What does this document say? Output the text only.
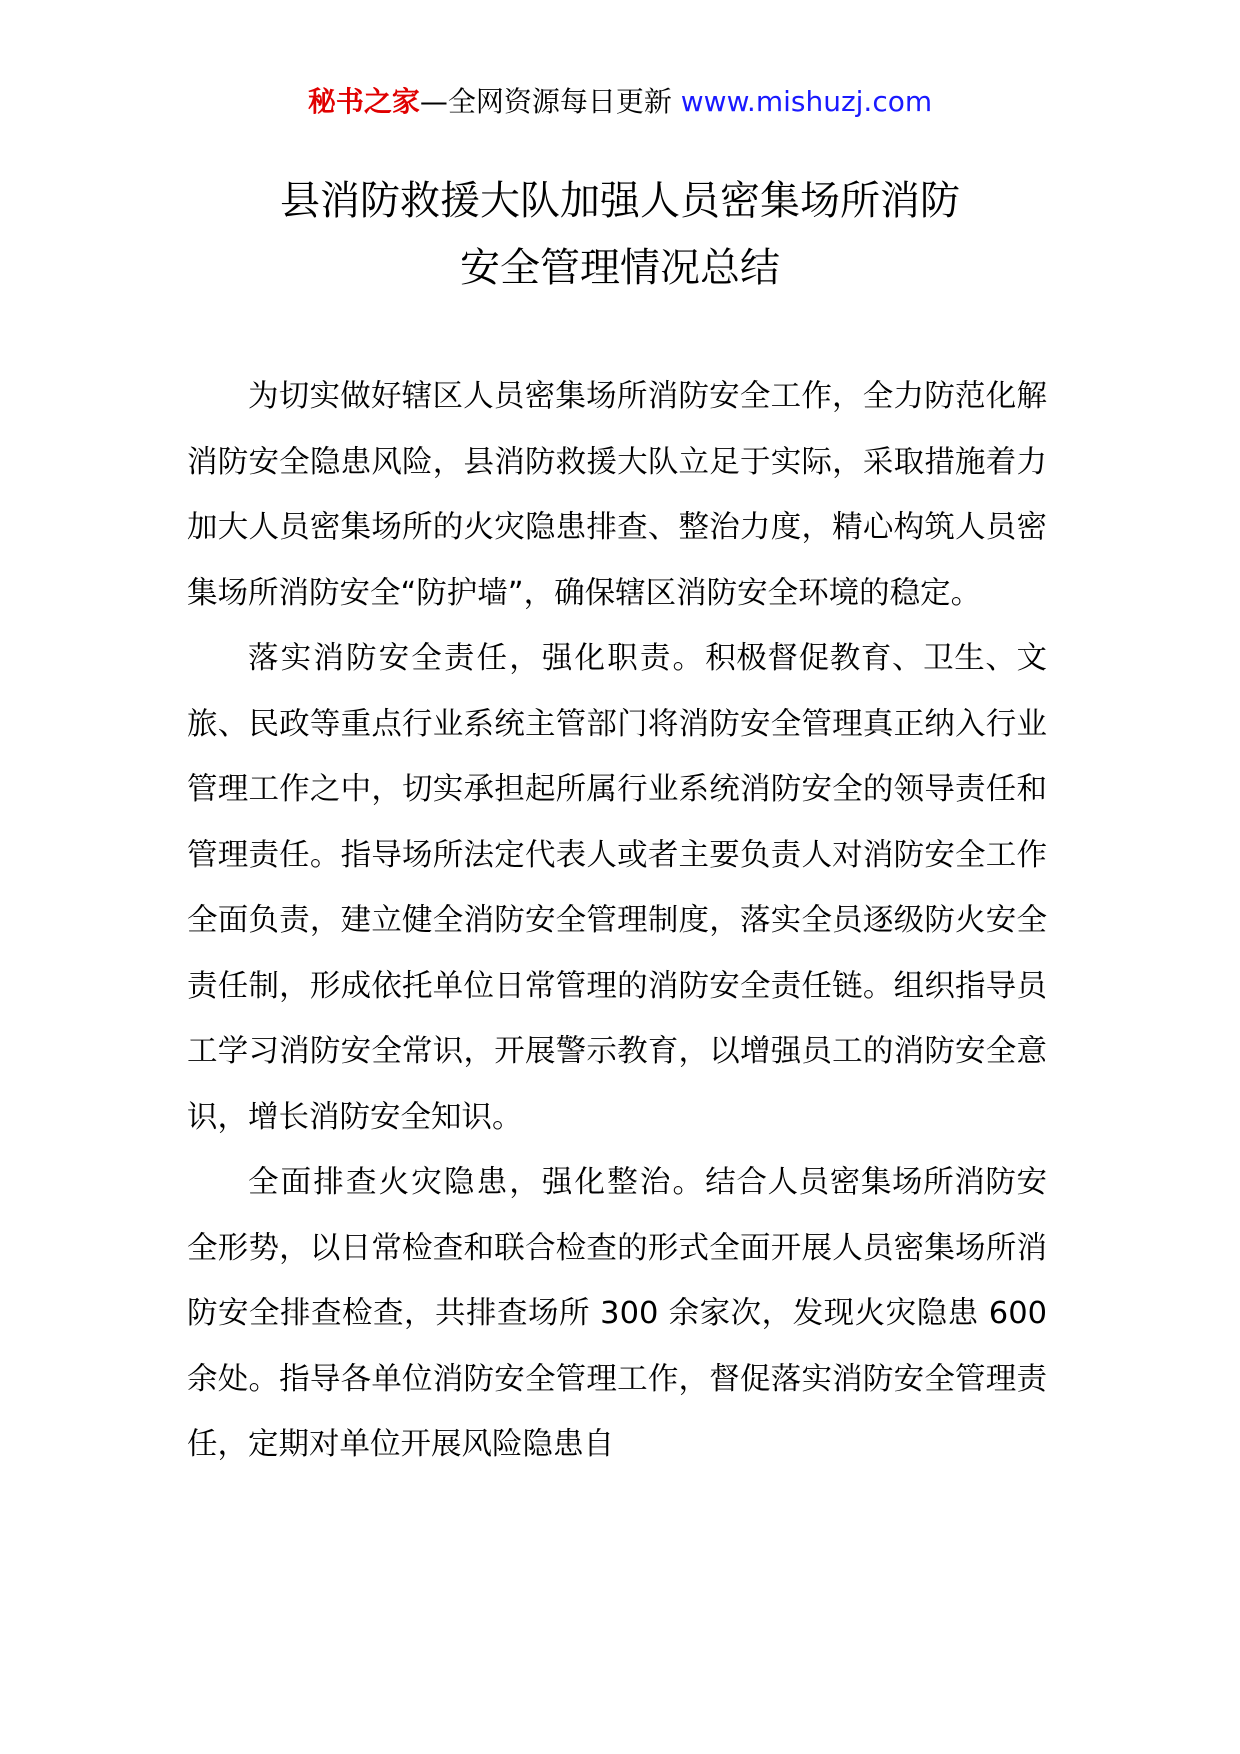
秘书之家—全网资源每日更新 www.mishuzj.com
县消防救援大队加强人员密集场所消防
安全管理情况总结

为切实做好辖区人员密集场所消防安全工作，全力防范化解消防安全隐患风险，县消防救援大队立足于实际，采取措施着力加大人员密集场所的火灾隐患排查、整治力度，精心构筑人员密集场所消防安全“防护墙”，确保辖区消防安全环境的稳定。

落实消防安全责任，强化职责。积极督促教育、卫生、文旅、民政等重点行业系统主管部门将消防安全管理真正纳入行业管理工作之中，切实承担起所属行业系统消防安全的领导责任和管理责任。指导场所法定代表人或者主要负责人对消防安全工作全面负责，建立健全消防安全管理制度，落实全员逐级防火安全责任制，形成依托单位日常管理的消防安全责任链。组织指导员工学习消防安全常识，开展警示教育，以增强员工的消防安全意识，增长消防安全知识。

全面排查火灾隐患，强化整治。结合人员密集场所消防安全形势，以日常检查和联合检查的形式全面开展人员密集场所消防安全排查检查，共排查场所 300 余家次，发现火灾隐患 600 余处。指导各单位消防安全管理工作，督促落实消防安全管理责任，定期对单位开展风险隐患自
